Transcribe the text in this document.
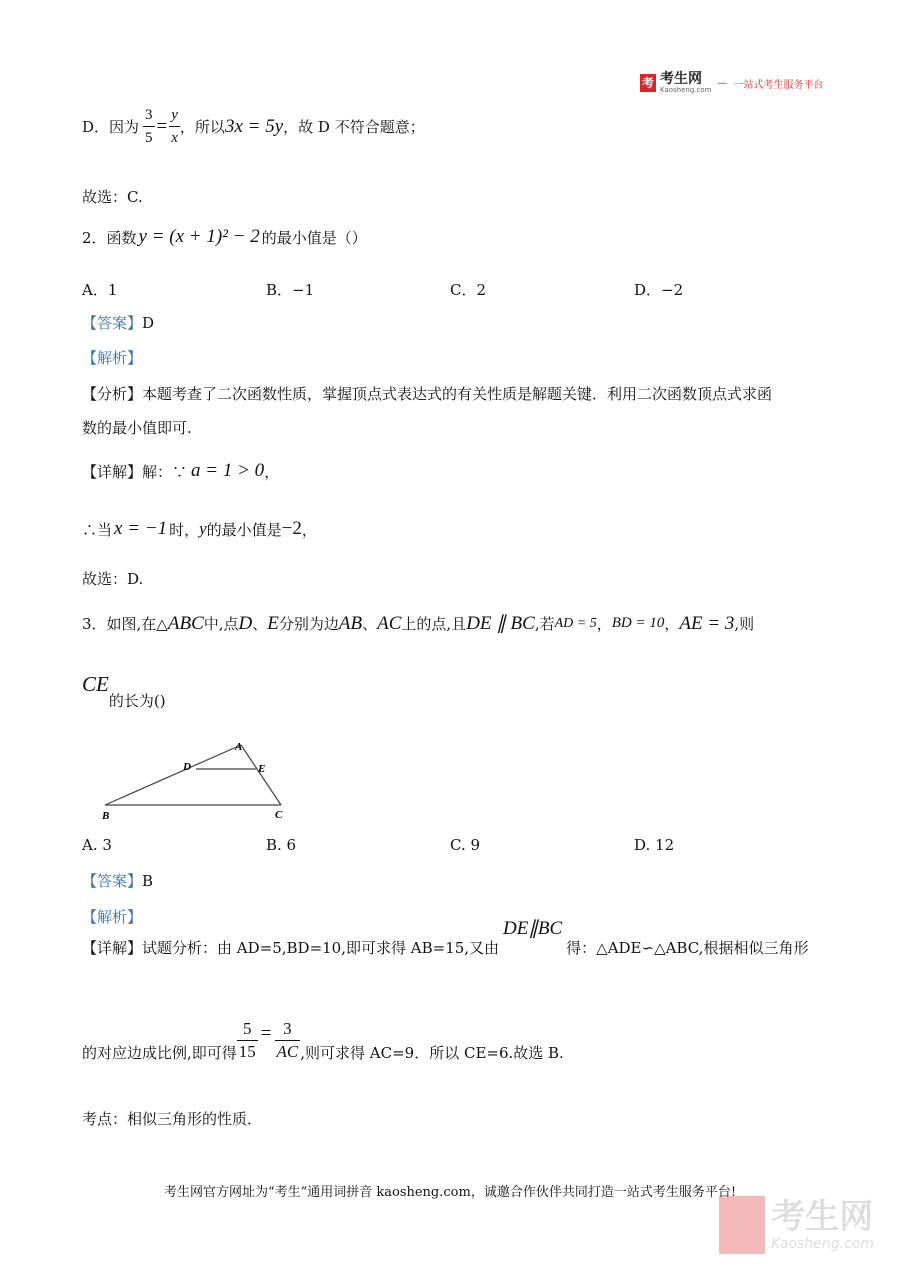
考 考生网
Kaosheng.com
— 一站式考生服务平台
D．因为 $\frac{3}{5} = \frac{y}{x}$ ，所以 3x = 5y ，故 D 不符合题意；
故选：C.
2．函数 y = (x + 1)² − 2 的最小值是（）
A．1	B．−1	C．2	D．−2
【答案】D
【解析】
【分析】本题考查了二次函数性质，掌握顶点式表达式的有关性质是解题关键．利用二次函数顶点式求函
数的最小值即可.
【详解】 解：∵ a = 1 > 0 ，
∴当 x = −1 时， y 的最小值是 −2 ，
故选：D.
3．如图,在△ ABC 中,点 D 、 E 分别为边 AB 、 AC 上的点,且 DE ∥ BC ,若 AD = 5 ， BD = 10 ， AE = 3 ,则
CE
的长为()
A
D	E
B	C
A. 3	B. 6	C. 9	D. 12
【答案】B
【解析】
【详解】 试题分析：由 AD=5,BD=10,即可求得 AB=15,又由
DE∥BC
得：△ADE∽△ABC,根据相似三角形
的对应边成比例,即可得 $\frac{5}{15} = \frac{3}{AC}$ ,则可求得 AC=9．所以 CE=6.故选 B.
考点：相似三角形的性质．
考生网官方网址为“考生”通用词拼音 kaosheng.com，诚邀合作伙伴共同打造一站式考生服务平台!
考生网
Kaosheng.com
